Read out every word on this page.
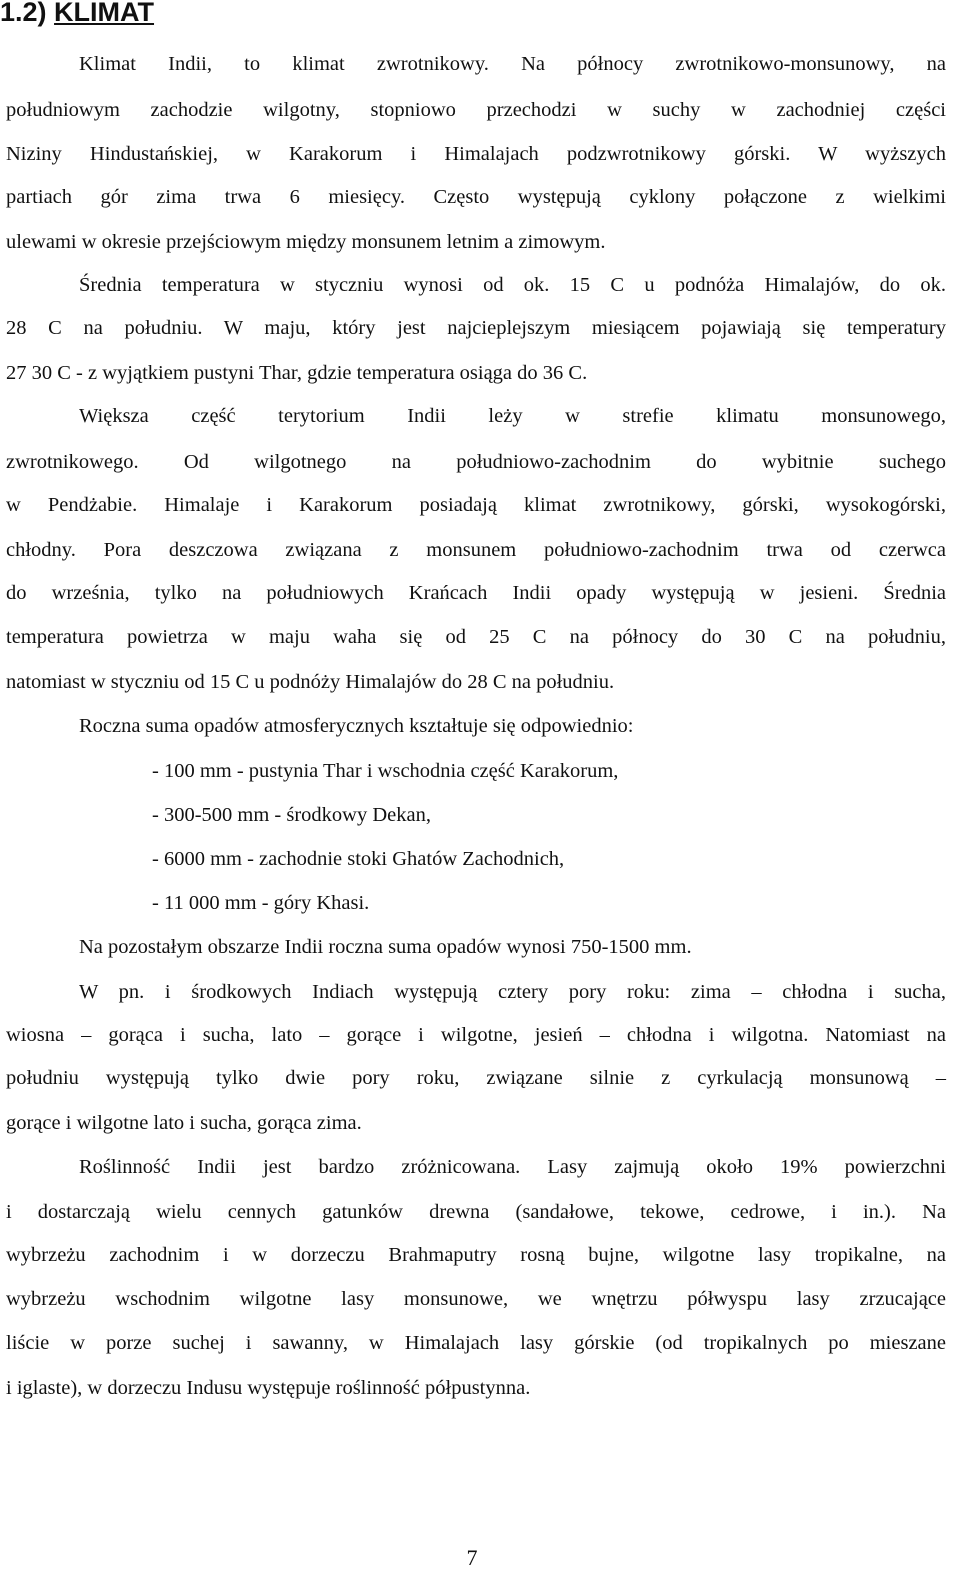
1.2) KLIMAT

Klimat Indii, to klimat zwrotnikowy. Na północy zwrotnikowo-monsunowy, na

południowym zachodzie wilgotny, stopniowo przechodzi w suchy w zachodniej części

Niziny Hindustańskiej, w Karakorum i Himalajach podzwrotnikowy górski. W wyższych

partiach gór zima trwa 6 miesięcy. Często występują cyklony połączone z wielkimi

ulewami w okresie przejściowym między monsunem letnim a zimowym.

Średnia temperatura w styczniu wynosi od ok. 15 C u podnóża Himalajów, do ok.

28 C na południu. W maju, który jest najcieplejszym miesiącem pojawiają się temperatury

27 30 C - z wyjątkiem pustyni Thar, gdzie temperatura osiąga do 36 C.

Większa część terytorium Indii leży w strefie klimatu monsunowego,

zwrotnikowego. Od wilgotnego na południowo-zachodnim do wybitnie suchego

w Pendżabie. Himalaje i Karakorum posiadają klimat zwrotnikowy, górski, wysokogórski,

chłodny. Pora deszczowa związana z monsunem południowo-zachodnim trwa od czerwca

do września, tylko na południowych Krańcach Indii opady występują w jesieni. Średnia

temperatura powietrza w maju waha się od 25 C na północy do 30 C na południu,

natomiast w styczniu od 15 C u podnóży Himalajów do 28 C na południu.

Roczna suma opadów atmosferycznych kształtuje się odpowiednio:

- 100 mm - pustynia Thar i wschodnia część Karakorum,

- 300-500 mm - środkowy Dekan,

- 6000 mm - zachodnie stoki Ghatów Zachodnich,

- 11 000 mm - góry Khasi.

Na pozostałym obszarze Indii roczna suma opadów wynosi 750-1500 mm.

W pn. i środkowych Indiach występują cztery pory roku: zima – chłodna i sucha,

wiosna – gorąca i sucha, lato – gorące i wilgotne, jesień – chłodna i wilgotna. Natomiast na

południu występują tylko dwie pory roku, związane silnie z cyrkulacją monsunową –

gorące i wilgotne lato i sucha, gorąca zima.

Roślinność Indii jest bardzo zróżnicowana. Lasy zajmują około 19% powierzchni

i dostarczają wielu cennych gatunków drewna (sandałowe, tekowe, cedrowe, i in.). Na

wybrzeżu zachodnim i w dorzeczu Brahmaputry rosną bujne, wilgotne lasy tropikalne, na

wybrzeżu wschodnim wilgotne lasy monsunowe, we wnętrzu półwyspu lasy zrzucające

liście w porze suchej i sawanny, w Himalajach lasy górskie (od tropikalnych po mieszane

i iglaste), w dorzeczu Indusu występuje roślinność półpustynna.

7
